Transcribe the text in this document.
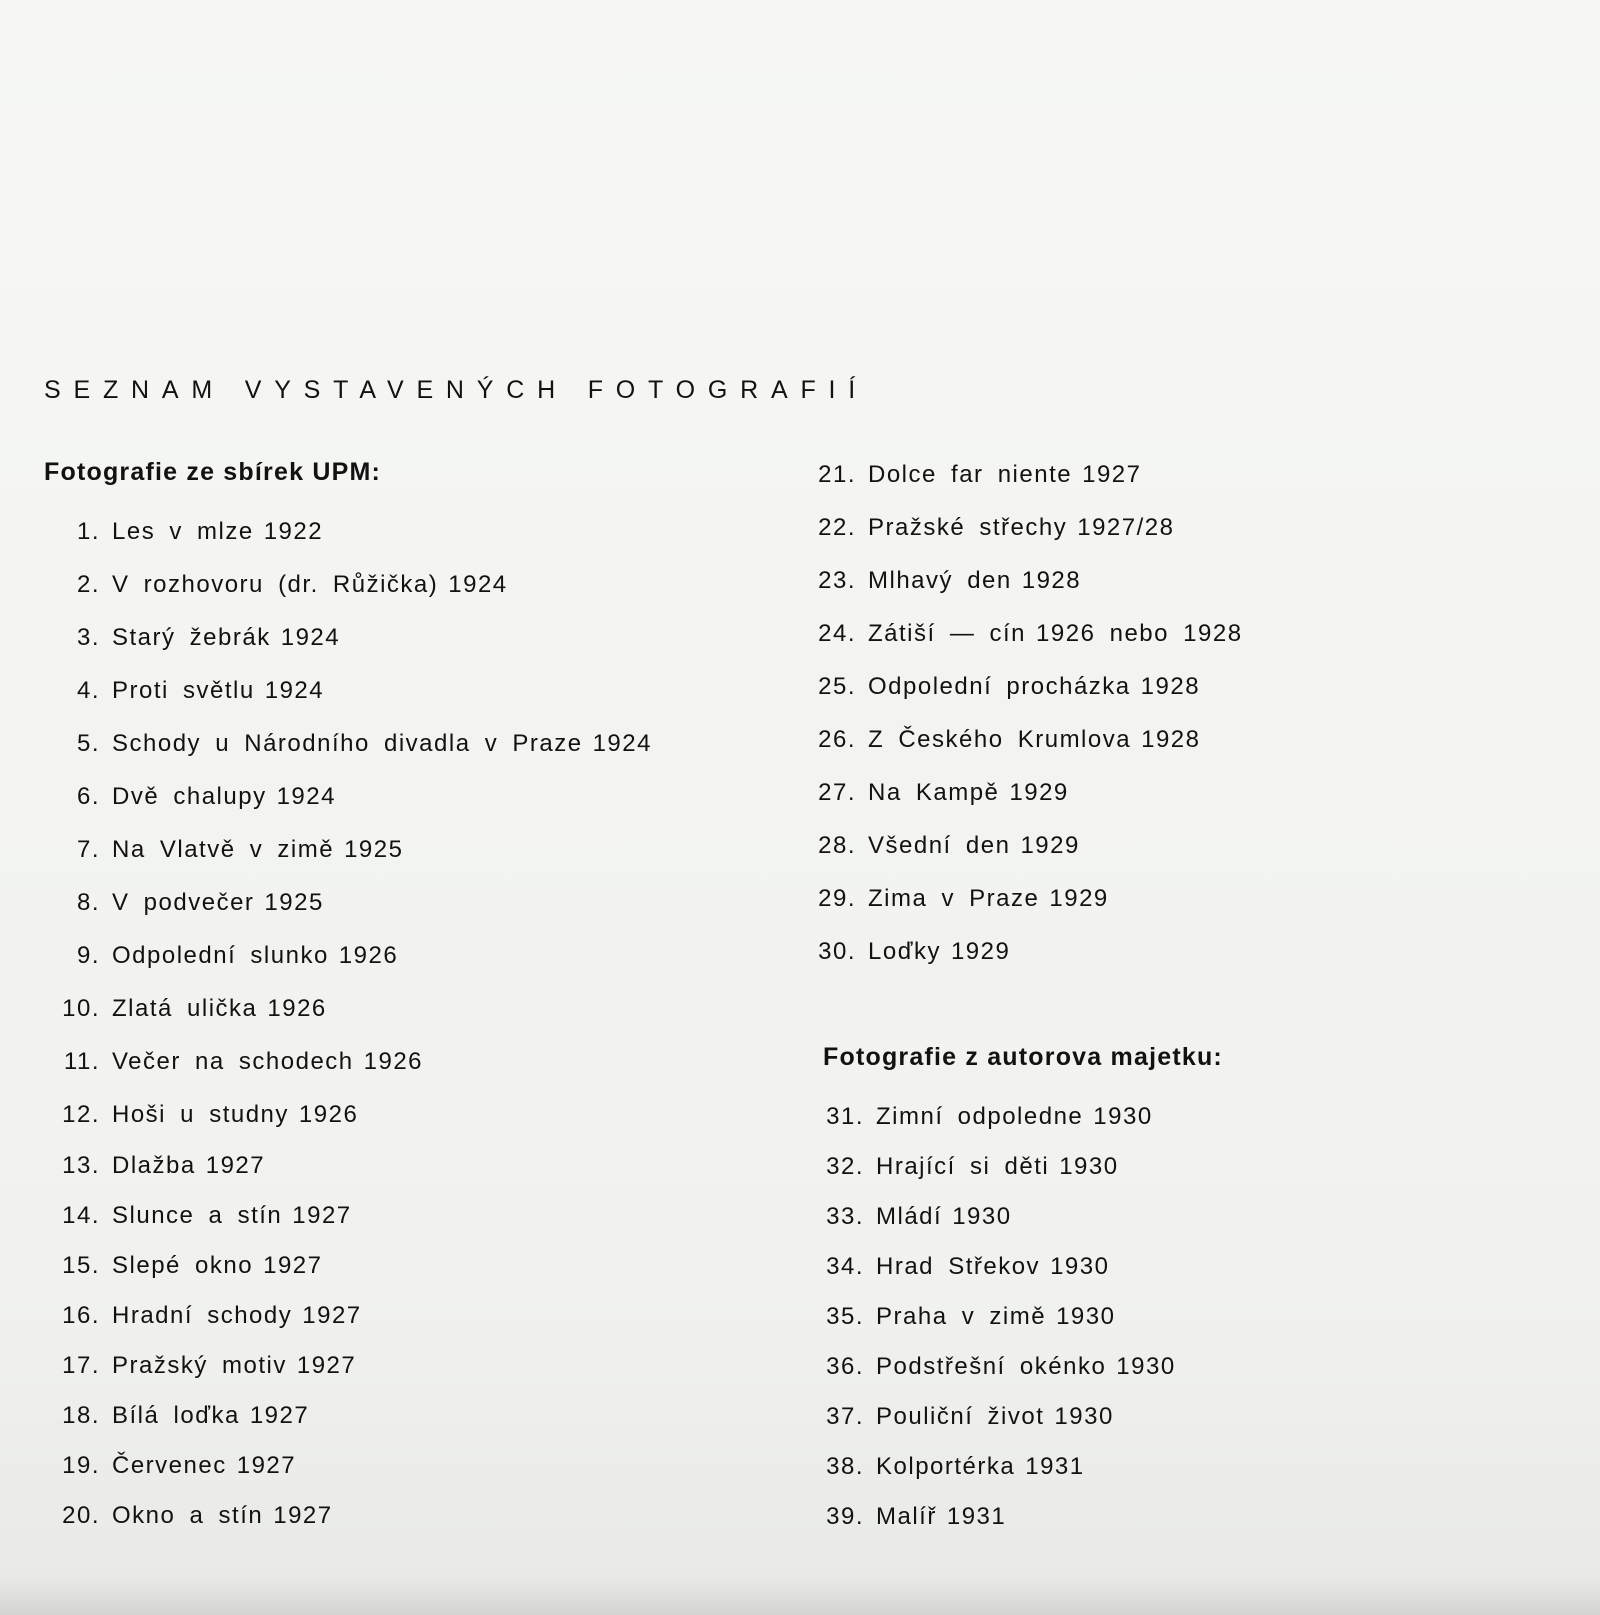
SEZNAM VYSTAVENÝCH FOTOGRAFIÍ
Fotografie ze sbírek UPM:
1. Les v mlze 1922
2. V rozhovoru (dr. Růžička) 1924
3. Starý žebrák 1924
4. Proti světlu 1924
5. Schody u Národního divadla v Praze 1924
6. Dvě chalupy 1924
7. Na Vlatvě v zimě 1925
8. V podvečer 1925
9. Odpolední slunko 1926
10. Zlatá ulička 1926
11. Večer na schodech 1926
12. Hoši u studny 1926
13. Dlažba 1927
14. Slunce a stín 1927
15. Slepé okno 1927
16. Hradní schody 1927
17. Pražský motiv 1927
18. Bílá loďka 1927
19. Červenec 1927
20. Okno a stín 1927
21. Dolce far niente 1927
22. Pražské střechy 1927/28
23. Mlhavý den 1928
24. Zátiší — cín 1926 nebo 1928
25. Odpolední procházka 1928
26. Z Českého Krumlova 1928
27. Na Kampě 1929
28. Všední den 1929
29. Zima v Praze 1929
30. Loďky 1929
Fotografie z autorova majetku:
31. Zimní odpoledne 1930
32. Hrající si děti 1930
33. Mládí 1930
34. Hrad Střekov 1930
35. Praha v zimě 1930
36. Podstřešní okénko 1930
37. Pouliční život 1930
38. Kolportérka 1931
39. Malíř 1931
